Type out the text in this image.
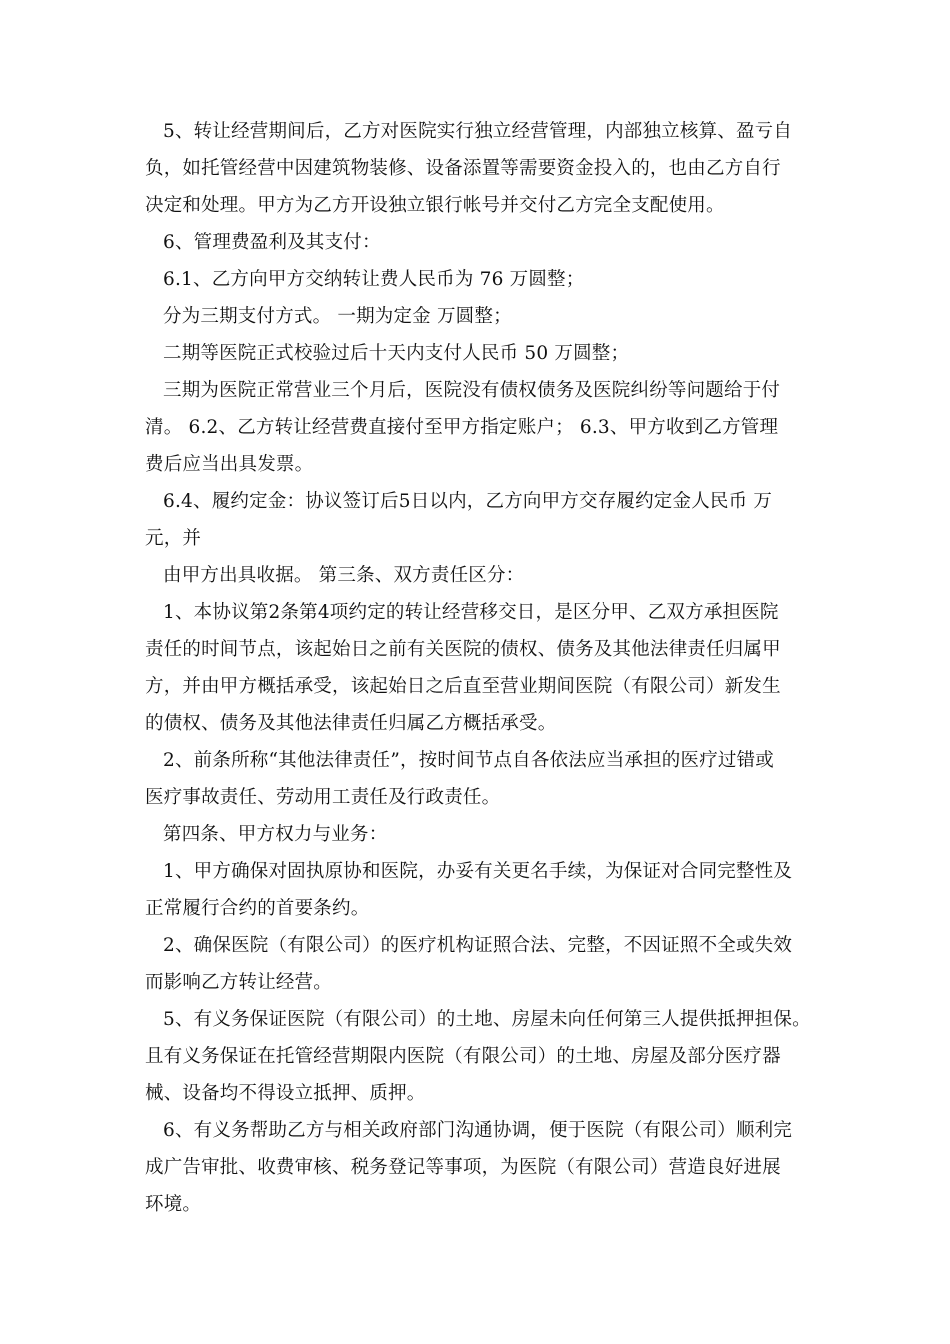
5、转让经营期间后，乙方对医院实行独立经营管理，内部独立核算、盈亏自
负，如托管经营中因建筑物装修、设备添置等需要资金投入的，也由乙方自行
决定和处理。甲方为乙方开设独立银行帐号并交付乙方完全支配使用。
6、管理费盈利及其支付：
6.1、乙方向甲方交纳转让费人民币为 76 万圆整；
分为三期支付方式。 一期为定金 万圆整；
二期等医院正式校验过后十天内支付人民币 50 万圆整；
三期为医院正常营业三个月后，医院没有债权债务及医院纠纷等问题给于付
清。 6.2、乙方转让经营费直接付至甲方指定账户； 6.3、甲方收到乙方管理
费后应当出具发票。
6.4、履约定金：协议签订后5日以内，乙方向甲方交存履约定金人民币 万
元，并
由甲方出具收据。 第三条、双方责任区分：
1、本协议第2条第4项约定的转让经营移交日，是区分甲、乙双方承担医院
责任的时间节点，该起始日之前有关医院的债权、债务及其他法律责任归属甲
方，并由甲方概括承受，该起始日之后直至营业期间医院（有限公司）新发生
的债权、债务及其他法律责任归属乙方概括承受。
2、前条所称“其他法律责任”，按时间节点自各依法应当承担的医疗过错或
医疗事故责任、劳动用工责任及行政责任。
第四条、甲方权力与业务：
1、甲方确保对固执原协和医院，办妥有关更名手续，为保证对合同完整性及
正常履行合约的首要条约。
2、确保医院（有限公司）的医疗机构证照合法、完整，不因证照不全或失效
而影响乙方转让经营。
5、有义务保证医院（有限公司）的土地、房屋未向任何第三人提供抵押担保。
且有义务保证在托管经营期限内医院（有限公司）的土地、房屋及部分医疗器
械、设备均不得设立抵押、质押。
6、有义务帮助乙方与相关政府部门沟通协调，便于医院（有限公司）顺利完
成广告审批、收费审核、税务登记等事项，为医院（有限公司）营造良好进展
环境。
